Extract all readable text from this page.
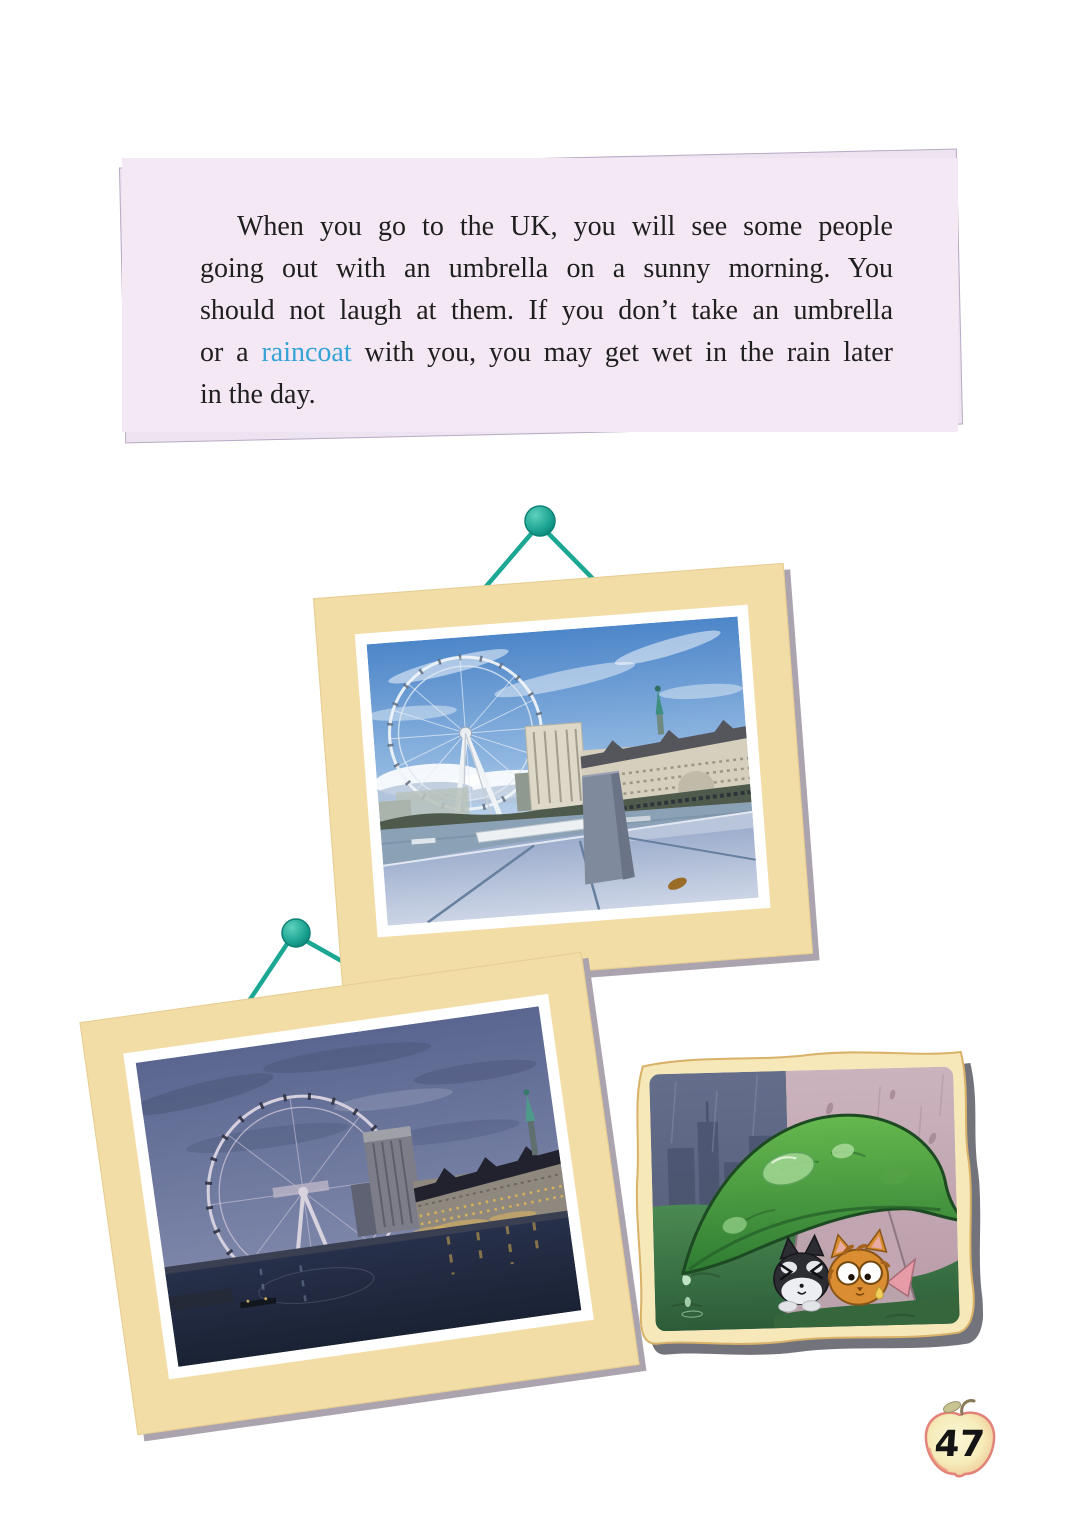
When you go to the UK, you will see some people
going out with an umbrella on a sunny morning. You
should not laugh at them. If you don’t take an umbrella
or a raincoat with you, you may get wet in the rain later
in the day.
47
